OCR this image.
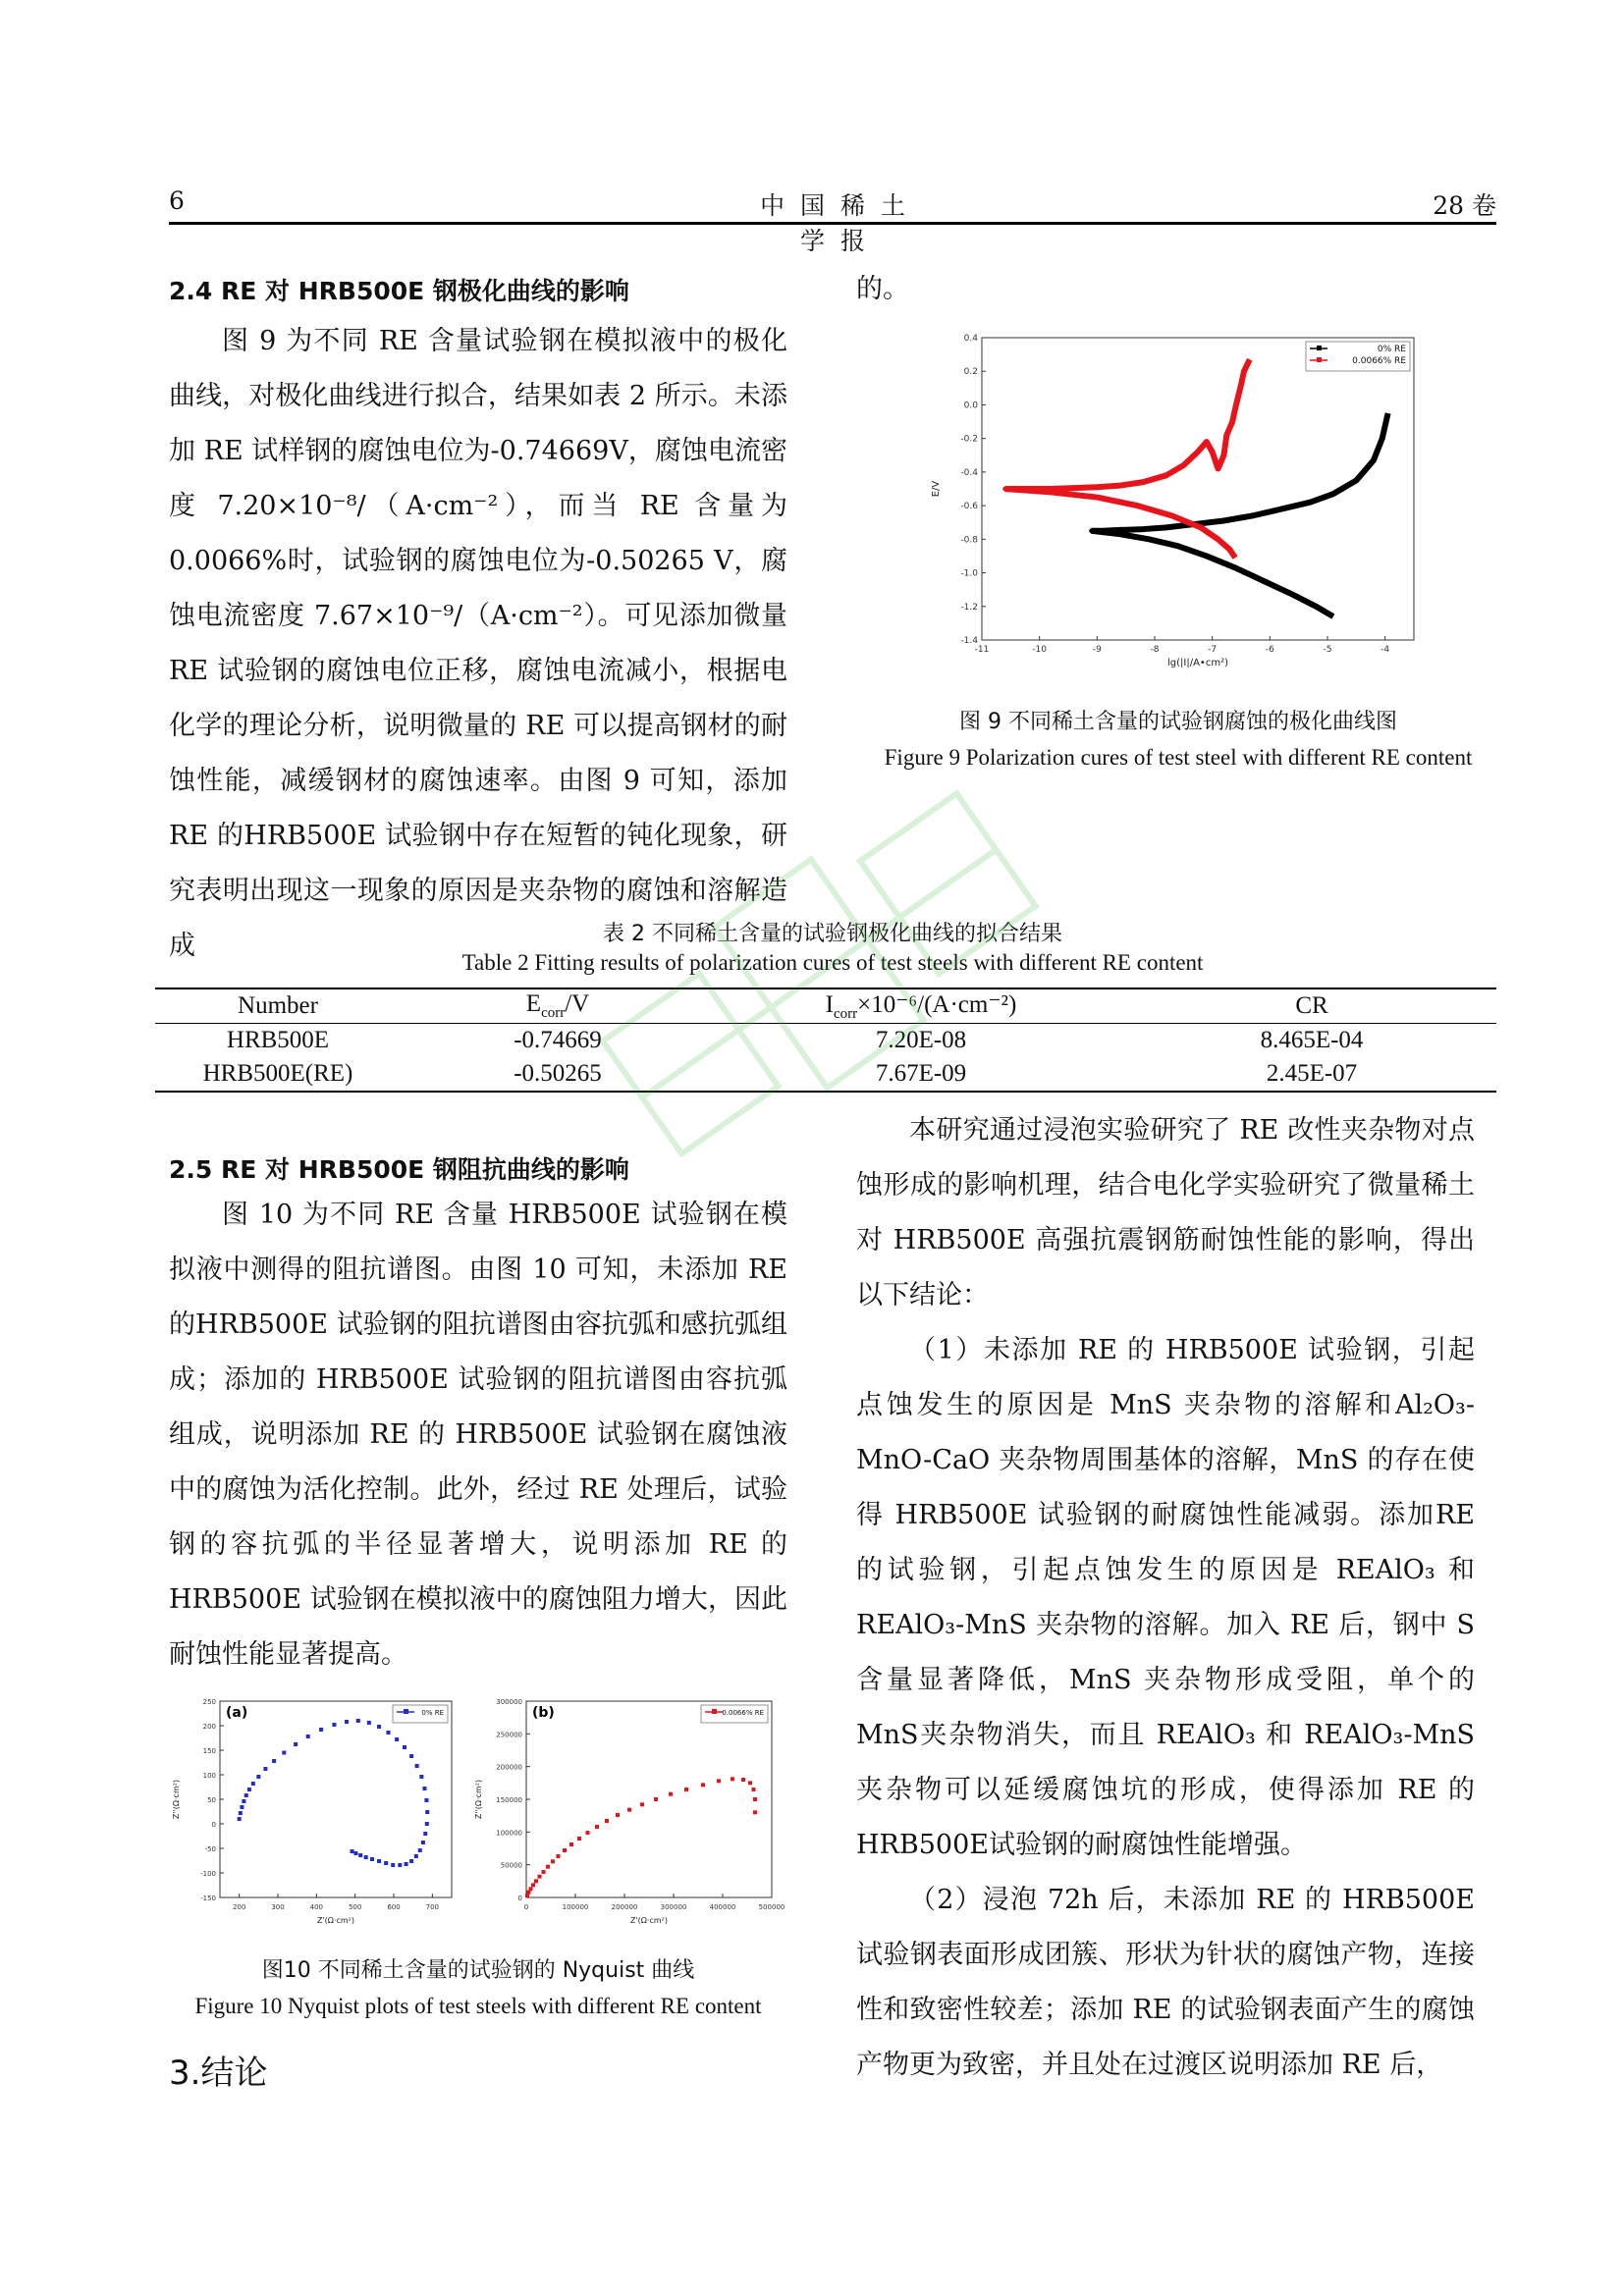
6	中 国 稀 土 学 报
28 卷
2.4 RE 对 HRB500E 钢极化曲线的影响

图 9 为不同 RE 含量试验钢在模拟液中的极化曲线，对极化曲线进行拟合，结果如表 2 所示。未添加 RE 试样钢的腐蚀电位为-0.74669V，腐蚀电流密度 7.20×10⁻⁸/（A·cm⁻²），而当 RE 含量为 0.0066%时，试验钢的腐蚀电位为-0.50265 V，腐蚀电流密度 7.67×10⁻⁹/（A·cm⁻²）。可见添加微量 RE 试验钢的腐蚀电位正移，腐蚀电流减小，根据电化学的理论分析，说明微量的 RE 可以提高钢材的耐蚀性能，减缓钢材的腐蚀速率。由图 9 可知，添加 RE 的HRB500E 试验钢中存在短暂的钝化现象，研究表明出现这一现象的原因是夹杂物的腐蚀和溶解造成

的。
-11	-10	-9	-8	-7	-6	-5	-4
0.4
0.2
0.0
-0.2
-0.4
-0.6
-0.8
-1.0
-1.2
-1.4
lg(|I|/A•cm²)
E/V
0% RE
0.0066% RE
图 9 不同稀土含量的试验钢腐蚀的极化曲线图
Figure 9 Polarization cures of test steel with different RE content
表 2 不同稀土含量的试验钢极化曲线的拟合结果
Table 2 Fitting results of polarization cures of test steels with different RE content
Number	$E_{corr}/V$	$I_{corr}\times 10^{-6}/(A\cdot cm^{-2})$	CR
HRB500E	-0.74669	7.20E-08	8.465E-04
HRB500E(RE)	-0.50265	7.67E-09	2.45E-07
2.5 RE 对 HRB500E 钢阻抗曲线的影响

图 10 为不同 RE 含量 HRB500E 试验钢在模拟液中测得的阻抗谱图。由图 10 可知，未添加 RE 的HRB500E 试验钢的阻抗谱图由容抗弧和感抗弧组成；添加的 HRB500E 试验钢的阻抗谱图由容抗弧组成，说明添加 RE 的 HRB500E 试验钢在腐蚀液中的腐蚀为活化控制。此外，经过 RE 处理后，试验钢的容抗弧的半径显著增大，说明添加 RE 的HRB500E 试验钢在模拟液中的腐蚀阻力增大，因此耐蚀性能显著提高。

200	300	400	500	600	700
-150
-100
-50
0
50
100
150
200
250
Z'(Ω·cm²)
Z''(Ω·cm²)
(a)	0% RE
0	100000	200000	300000	400000	500000
0
50000
100000
150000
200000
250000
300000
Z'(Ω·cm²)
Z''(Ω·cm²)
(b)	0.0066% RE
图10 不同稀土含量的试验钢的 Nyquist 曲线
Figure 10 Nyquist plots of test steels with different RE content
3.结论

本研究通过浸泡实验研究了 RE 改性夹杂物对点蚀形成的影响机理，结合电化学实验研究了微量稀土对 HRB500E 高强抗震钢筋耐蚀性能的影响，得出以下结论：

（1）未添加 RE 的 HRB500E 试验钢，引起点蚀发生的原因是 MnS 夹杂物的溶解和Al₂O₃-MnO-CaO 夹杂物周围基体的溶解，MnS 的存在使得 HRB500E 试验钢的耐腐蚀性能减弱。添加RE 的试验钢，引起点蚀发生的原因是 REAlO₃ 和REAlO₃-MnS 夹杂物的溶解。加入 RE 后，钢中 S 含量显著降低，MnS 夹杂物形成受阻，单个的 MnS夹杂物消失，而且 REAlO₃ 和 REAlO₃-MnS 夹杂物可以延缓腐蚀坑的形成，使得添加 RE 的 HRB500E试验钢的耐腐蚀性能增强。

（2）浸泡 72h 后，未添加 RE 的 HRB500E 试验钢表面形成团簇、形状为针状的腐蚀产物，连接性和致密性较差；添加 RE 的试验钢表面产生的腐蚀产物更为致密，并且处在过渡区说明添加 RE 后，
